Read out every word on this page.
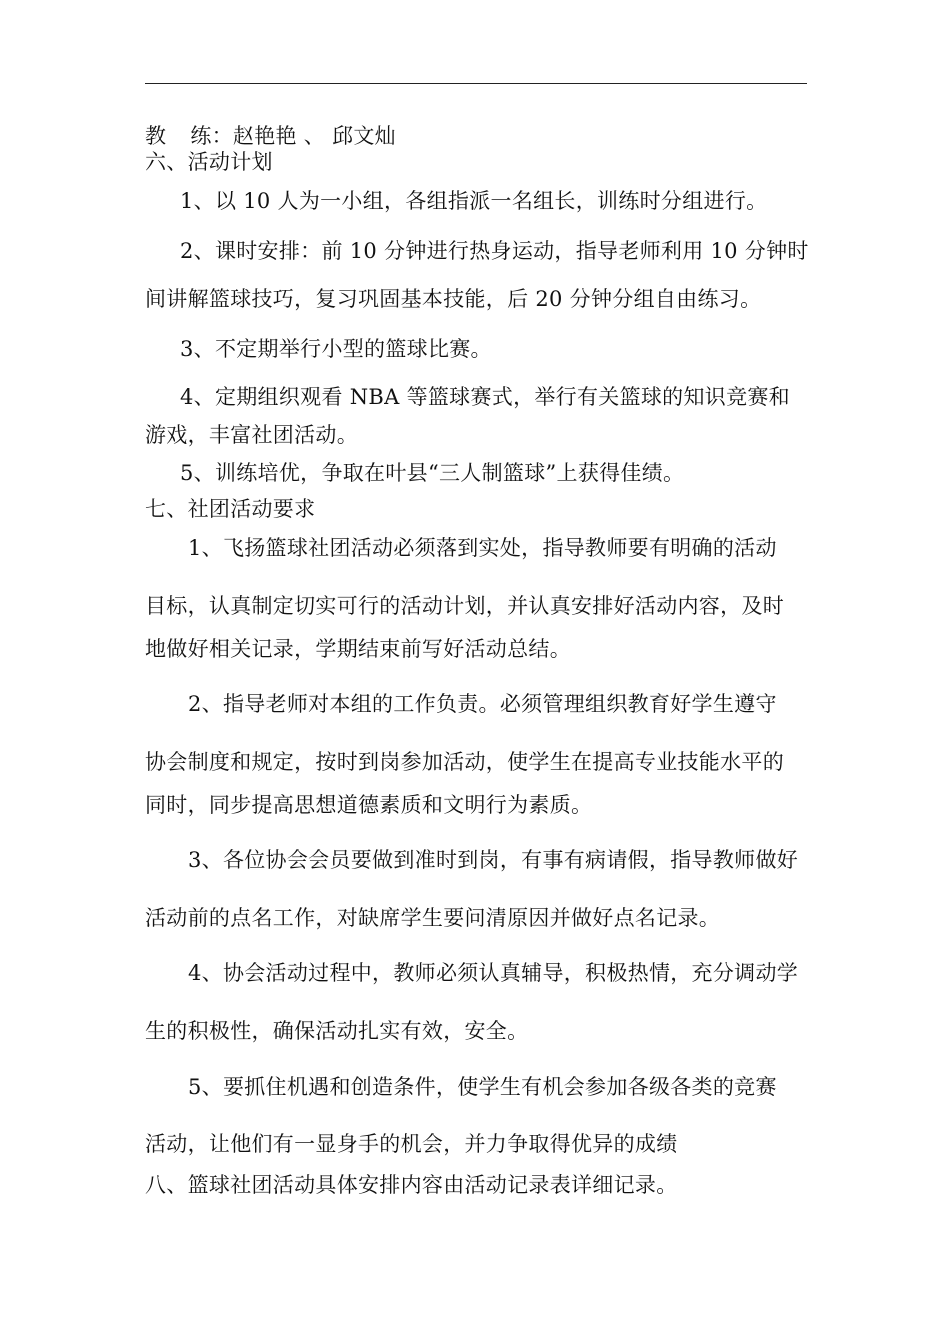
教 练：赵艳艳 、 邱文灿
六、活动计划
1、以 10 人为一小组，各组指派一名组长，训练时分组进行。
2、课时安排：前 10 分钟进行热身运动，指导老师利用 10 分钟时
间讲解篮球技巧，复习巩固基本技能，后 20 分钟分组自由练习。
3、不定期举行小型的篮球比赛。
4、定期组织观看 NBA 等篮球赛式，举行有关篮球的知识竞赛和
游戏，丰富社团活动。
5、训练培优，争取在叶县“三人制篮球”上获得佳绩。
七、社团活动要求
1、飞扬篮球社团活动必须落到实处，指导教师要有明确的活动
目标，认真制定切实可行的活动计划，并认真安排好活动内容，及时
地做好相关记录，学期结束前写好活动总结。
2、指导老师对本组的工作负责。必须管理组织教育好学生遵守
协会制度和规定，按时到岗参加活动，使学生在提高专业技能水平的
同时，同步提高思想道德素质和文明行为素质。
3、各位协会会员要做到准时到岗，有事有病请假，指导教师做好
活动前的点名工作，对缺席学生要问清原因并做好点名记录。
4、协会活动过程中，教师必须认真辅导，积极热情，充分调动学
生的积极性，确保活动扎实有效，安全。
5、要抓住机遇和创造条件，使学生有机会参加各级各类的竞赛
活动，让他们有一显身手的机会，并力争取得优异的成绩
八、篮球社团活动具体安排内容由活动记录表详细记录。
